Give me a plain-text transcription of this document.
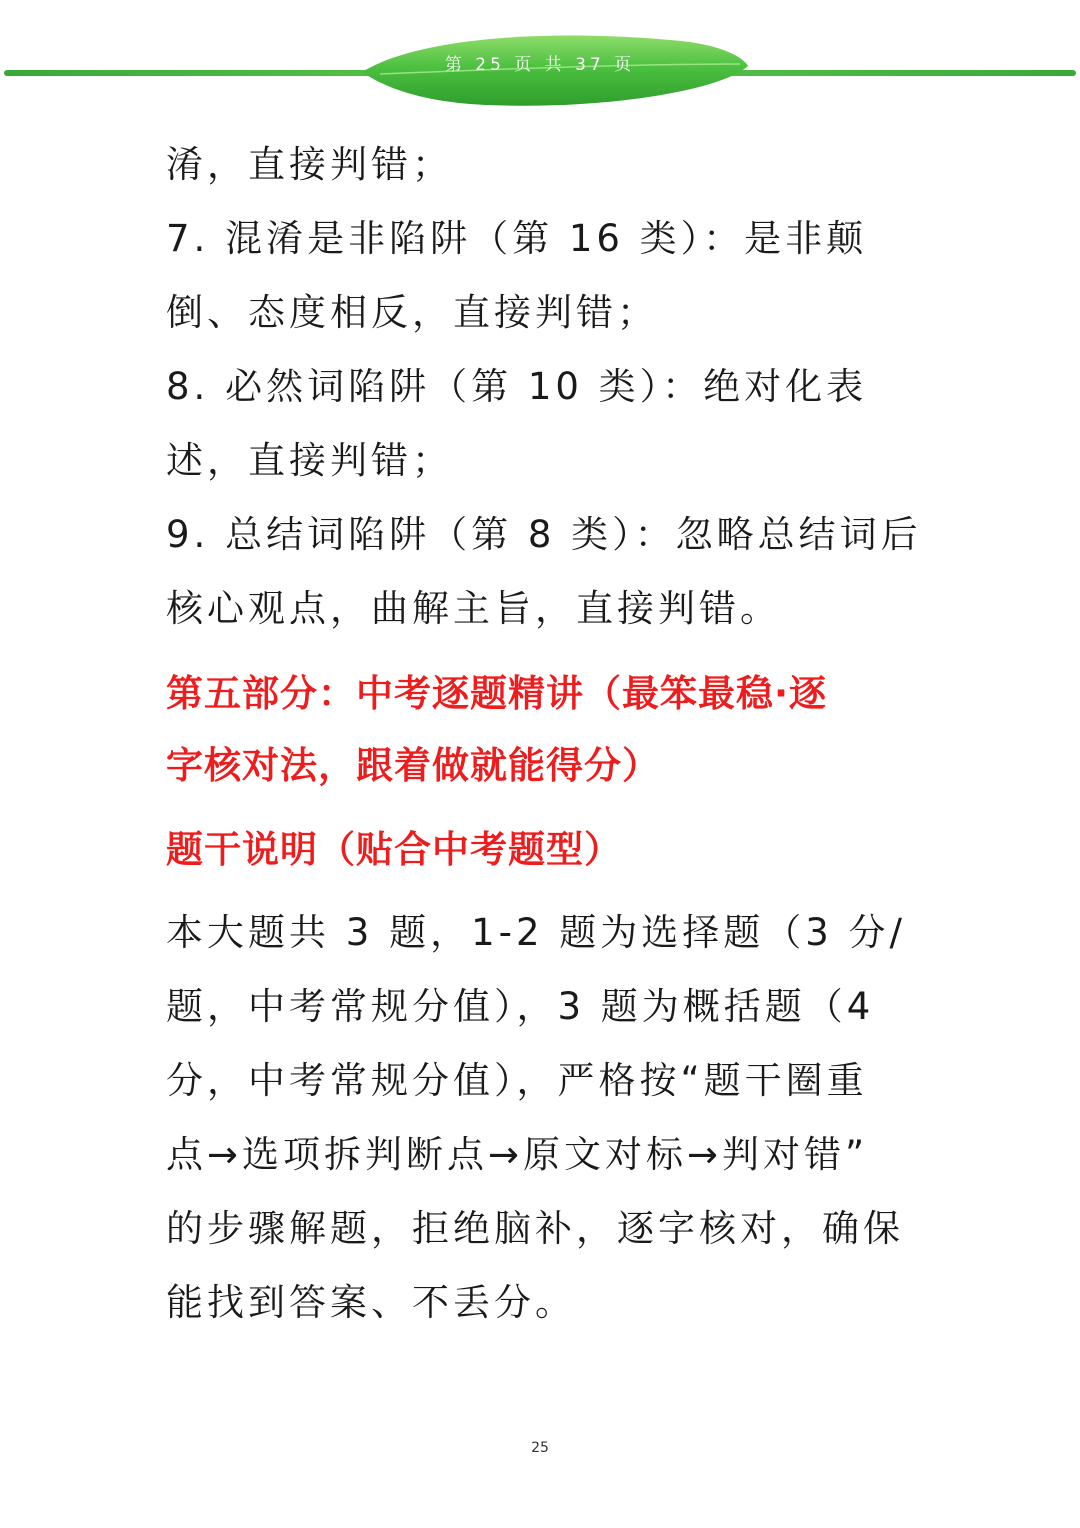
第 25 页 共 37 页
淆，直接判错；
7. 混淆是非陷阱（第 16 类）：是非颠
倒、态度相反，直接判错；
8. 必然词陷阱（第 10 类）：绝对化表
述，直接判错；
9. 总结词陷阱（第 8 类）：忽略总结词后
核心观点，曲解主旨，直接判错。
第五部分：中考逐题精讲（最笨最稳·逐
字核对法，跟着做就能得分）
题干说明（贴合中考题型）
本大题共 3 题，1-2 题为选择题（3 分/
题，中考常规分值），3 题为概括题（4
分，中考常规分值），严格按“题干圈重
点→选项拆判断点→原文对标→判对错”
的步骤解题，拒绝脑补，逐字核对，确保
能找到答案、不丢分。
25
